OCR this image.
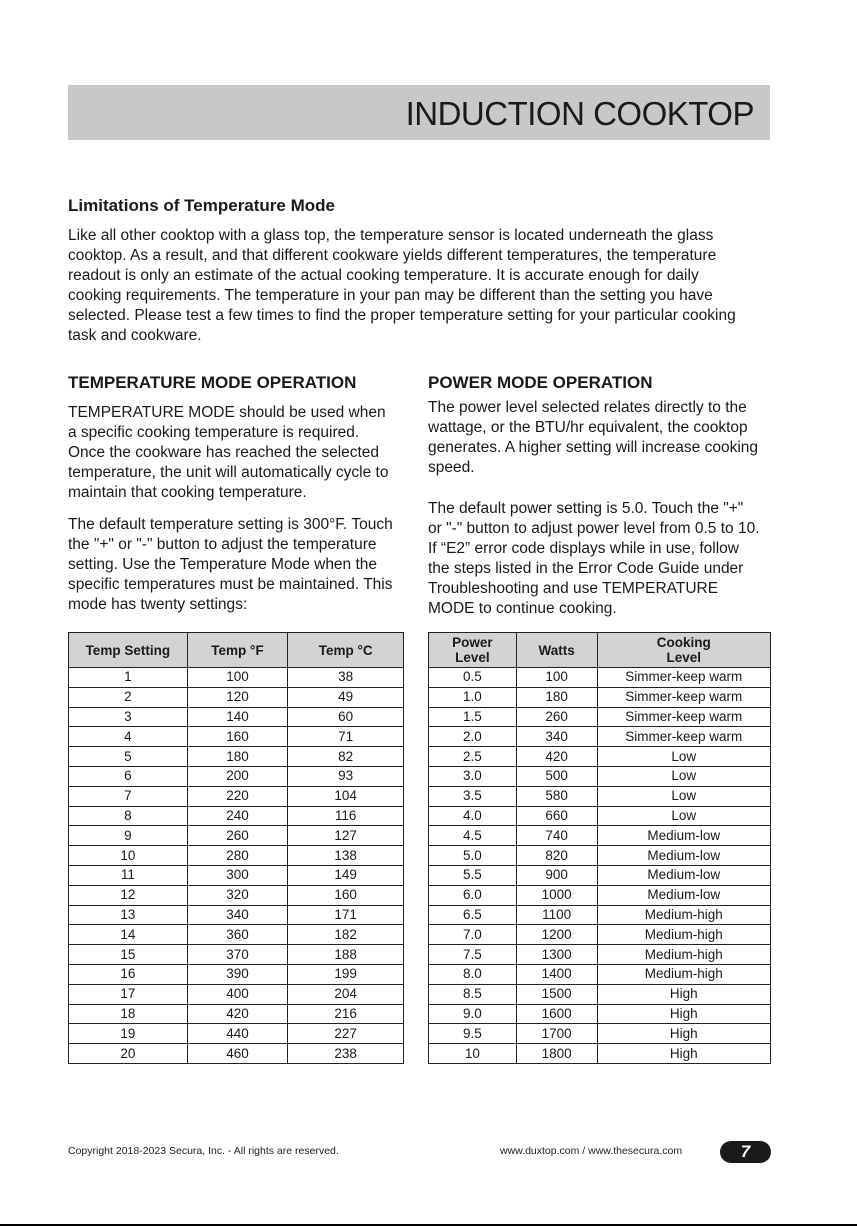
INDUCTION COOKTOP
Limitations of Temperature Mode

Like all other cooktop with a glass top, the temperature sensor is located underneath the glass

cooktop. As a result, and that different cookware yields different temperatures, the temperature

readout is only an estimate of the actual cooking temperature. It is accurate enough for daily

cooking requirements. The temperature in your pan may be different than the setting you have

selected. Please test a few times to find the proper temperature setting for your particular cooking

task and cookware.

TEMPERATURE MODE OPERATION

TEMPERATURE MODE should be used when

a specific cooking temperature is required.

Once the cookware has reached the selected

temperature, the unit will automatically cycle to

maintain that cooking temperature.

The default temperature setting is 300°F. Touch

the "+" or "-" button to adjust the temperature

setting. Use the Temperature Mode when the

specific temperatures must be maintained. This

mode has twenty settings:

POWER MODE OPERATION

The power level selected relates directly to the

wattage, or the BTU/hr equivalent, the cooktop

generates. A higher setting will increase cooking

speed.

The default power setting is 5.0. Touch the "+"

or "-" button to adjust power level from 0.5 to 10.

If “E2” error code displays while in use, follow

the steps listed in the Error Code Guide under

Troubleshooting and use TEMPERATURE

MODE to continue cooking.

Temp Setting	Temp °F	Temp °C
1	100	38
2	120	49
3	140	60
4	160	71
5	180	82
6	200	93
7	220	104
8	240	116
9	260	127
10	280	138
11	300	149
12	320	160
13	340	171
14	360	182
15	370	188
16	390	199
17	400	204
18	420	216
19	440	227
20	460	238
Power
Level	Watts	Cooking
Level
0.5	100	Simmer-keep warm
1.0	180	Simmer-keep warm
1.5	260	Simmer-keep warm
2.0	340	Simmer-keep warm
2.5	420	Low
3.0	500	Low
3.5	580	Low
4.0	660	Low
4.5	740	Medium-low
5.0	820	Medium-low
5.5	900	Medium-low
6.0	1000	Medium-low
6.5	1100	Medium-high
7.0	1200	Medium-high
7.5	1300	Medium-high
8.0	1400	Medium-high
8.5	1500	High
9.0	1600	High
9.5	1700	High
10	1800	High
Copyright 2018-2023 Secura, Inc. - All rights are reserved.	www.duxtop.com / www.thesecura.com	7
